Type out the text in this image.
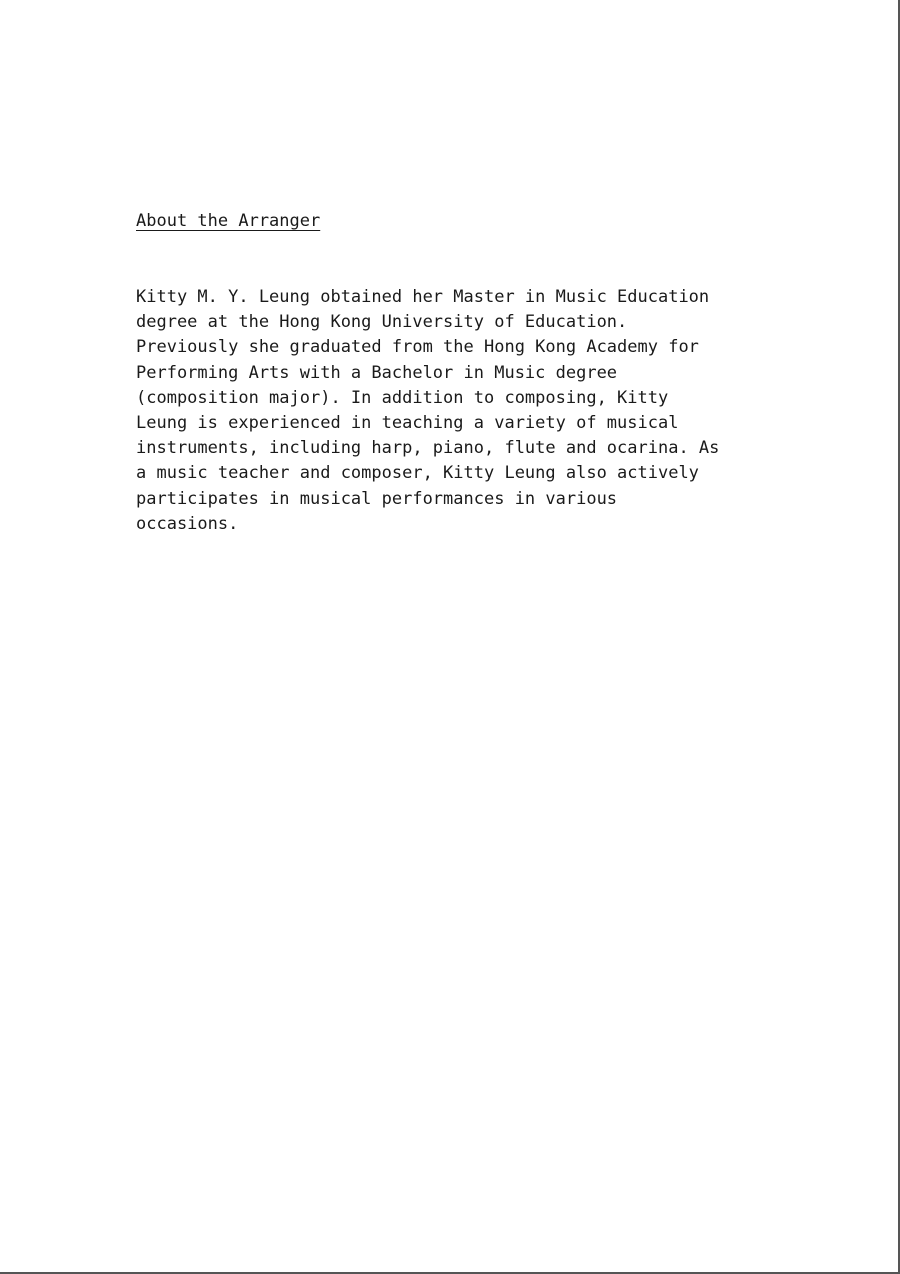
About the Arranger

Kitty M. Y. Leung obtained her Master in Music Education

degree at the Hong Kong University of Education.

Previously she graduated from the Hong Kong Academy for

Performing Arts with a Bachelor in Music degree

(composition major). In addition to composing, Kitty

Leung is experienced in teaching a variety of musical

instruments, including harp, piano, flute and ocarina. As

a music teacher and composer, Kitty Leung also actively

participates in musical performances in various

occasions.
